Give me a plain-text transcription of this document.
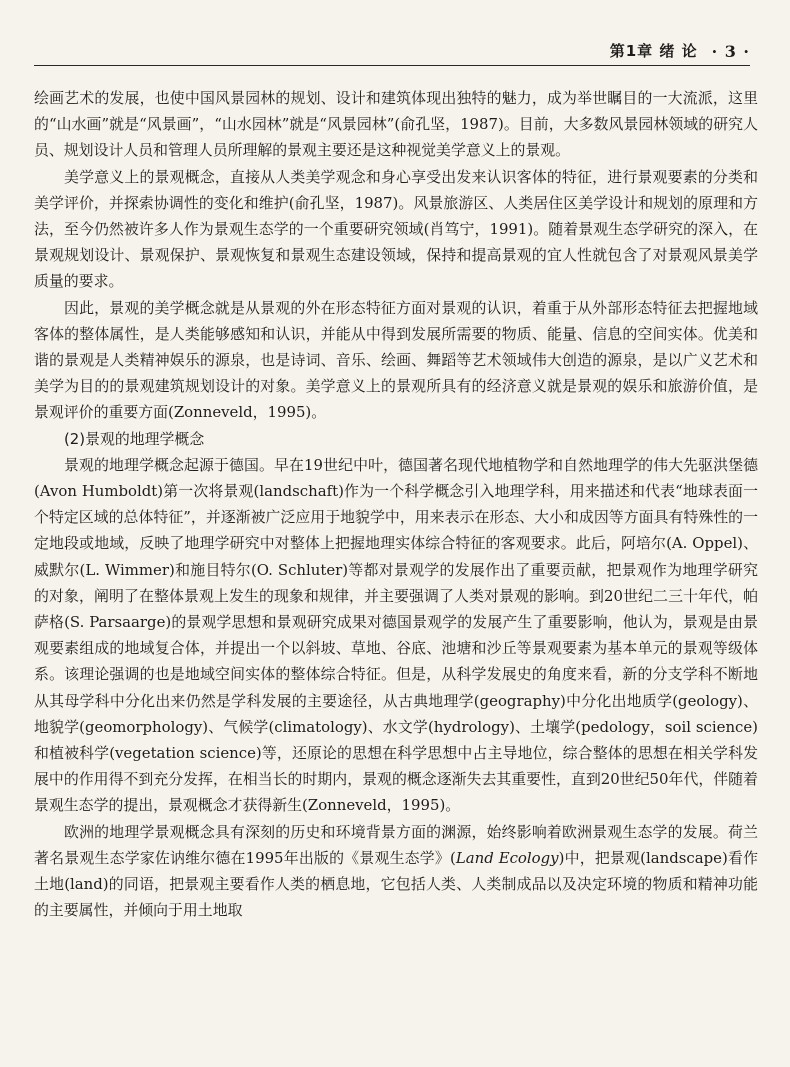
第1章 绪 论 · 3 ·

绘画艺术的发展，也使中国风景园林的规划、设计和建筑体现出独特的魅力，成为举世瞩目的一大流派，这里的“山水画”就是“风景画”，“山水园林”就是“风景园林”(俞孔坚，1987)。目前，大多数风景园林领域的研究人员、规划设计人员和管理人员所理解的景观主要还是这种视觉美学意义上的景观。

美学意义上的景观概念，直接从人类美学观念和身心享受出发来认识客体的特征，进行景观要素的分类和美学评价，并探索协调性的变化和维护(俞孔坚，1987)。风景旅游区、人类居住区美学设计和规划的原理和方法，至今仍然被许多人作为景观生态学的一个重要研究领域(肖笃宁，1991)。随着景观生态学研究的深入，在景观规划设计、景观保护、景观恢复和景观生态建设领域，保持和提高景观的宜人性就包含了对景观风景美学质量的要求。

因此，景观的美学概念就是从景观的外在形态特征方面对景观的认识，着重于从外部形态特征去把握地域客体的整体属性，是人类能够感知和认识，并能从中得到发展所需要的物质、能量、信息的空间实体。优美和谐的景观是人类精神娱乐的源泉，也是诗词、音乐、绘画、舞蹈等艺术领域伟大创造的源泉，是以广义艺术和美学为目的的景观建筑规划设计的对象。美学意义上的景观所具有的经济意义就是景观的娱乐和旅游价值，是景观评价的重要方面(Zonneveld，1995)。

(2)景观的地理学概念

景观的地理学概念起源于德国。早在19世纪中叶，德国著名现代地植物学和自然地理学的伟大先驱洪堡德(Avon Humboldt)第一次将景观(landschaft)作为一个科学概念引入地理学科，用来描述和代表“地球表面一个特定区域的总体特征”，并逐渐被广泛应用于地貌学中，用来表示在形态、大小和成因等方面具有特殊性的一定地段或地域，反映了地理学研究中对整体上把握地理实体综合特征的客观要求。此后，阿培尔(A. Oppel)、威默尔(L. Wimmer)和施目特尔(O. Schluter)等都对景观学的发展作出了重要贡献，把景观作为地理学研究的对象，阐明了在整体景观上发生的现象和规律，并主要强调了人类对景观的影响。到20世纪二三十年代，帕萨格(S. Parsaarge)的景观学思想和景观研究成果对德国景观学的发展产生了重要影响，他认为，景观是由景观要素组成的地域复合体，并提出一个以斜坡、草地、谷底、池塘和沙丘等景观要素为基本单元的景观等级体系。该理论强调的也是地域空间实体的整体综合特征。但是，从科学发展史的角度来看，新的分支学科不断地从其母学科中分化出来仍然是学科发展的主要途径，从古典地理学(geography)中分化出地质学(geology)、地貌学(geomorphology)、气候学(climatology)、水文学(hydrology)、土壤学(pedology，soil science)和植被科学(vegetation science)等，还原论的思想在科学思想中占主导地位，综合整体的思想在相关学科发展中的作用得不到充分发挥，在相当长的时期内，景观的概念逐渐失去其重要性，直到20世纪50年代，伴随着景观生态学的提出，景观概念才获得新生(Zonneveld，1995)。

欧洲的地理学景观概念具有深刻的历史和环境背景方面的渊源，始终影响着欧洲景观生态学的发展。荷兰著名景观生态学家佐讷维尔德在1995年出版的《景观生态学》(Land Ecology)中，把景观(landscape)看作土地(land)的同语，把景观主要看作人类的栖息地，它包括人类、人类制成品以及决定环境的物质和精神功能的主要属性，并倾向于用土地取
